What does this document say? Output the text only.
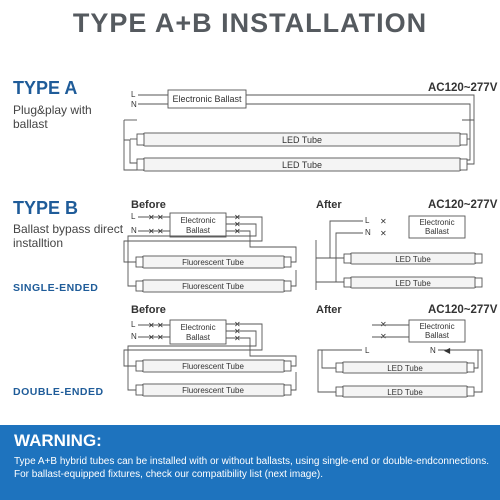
TYPE A+B INSTALLATION
TYPE A
Plug&play with ballast
AC120~277V
TYPE B
Ballast bypass direct installtion
SINGLE-ENDED
DOUBLE-ENDED
Before	After	AC120~277V
Before	After	AC120~277V
L
N
Electronic Ballast
LED Tube
LED Tube
L
N
✕ ✕
✕ ✕
Electronic
Ballast
✕
✕
✕
Fluorescent Tube
Fluorescent Tube
L
N
✕
✕
Electronic
Ballast
LED Tube
LED Tube
L
N
✕ ✕
✕ ✕
Electronic
Ballast
✕
✕
✕
Fluorescent Tube
Fluorescent Tube
✕
✕
Electronic
Ballast
L	N ◀
LED Tube
LED Tube
WARNING:
Type A+B hybrid tubes can be installed with or without ballasts, using single-end or double-endconnections. For ballast-equipped fixtures, check our compatibility list (next image).
